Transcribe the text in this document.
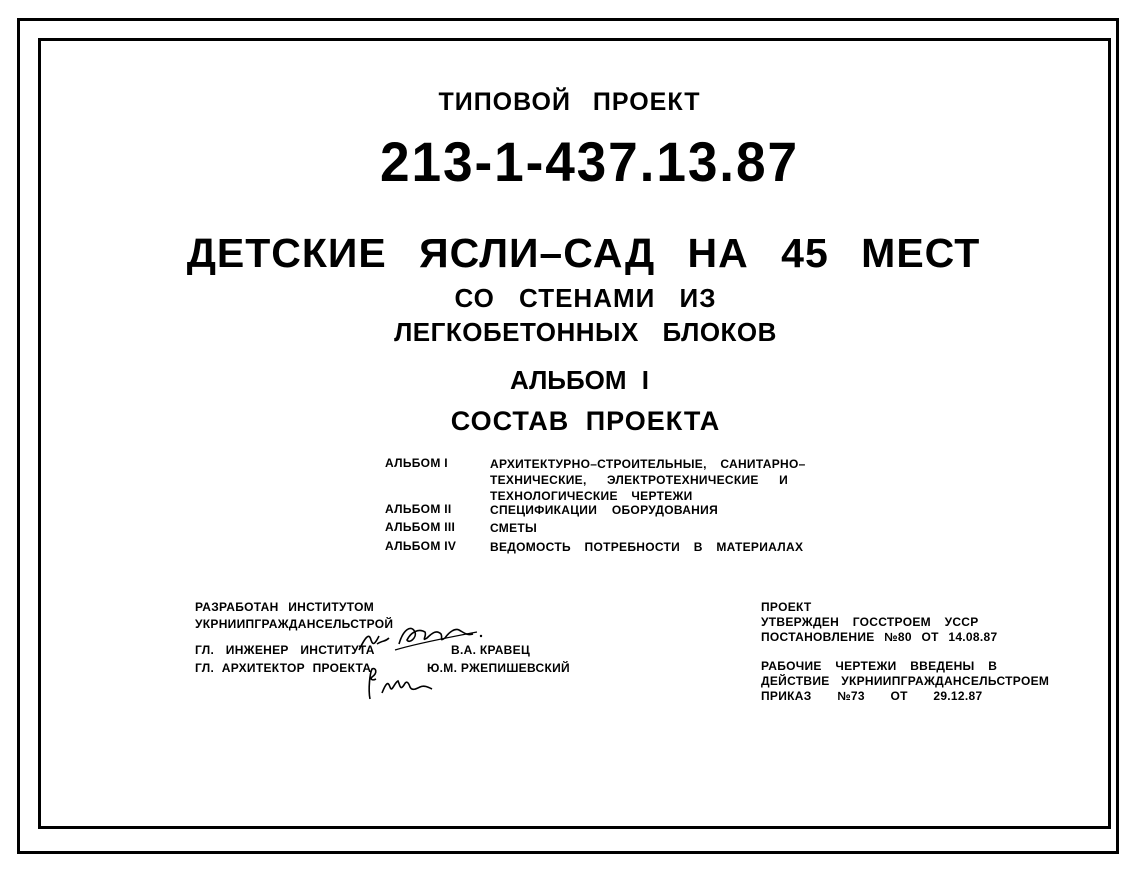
ТИПОВОЙ ПРОЕКТ
213-1-437.13.87
ДЕТСКИЕ ЯСЛИ–САД НА 45 МЕСТ
СО СТЕНАМИ ИЗ
ЛЕГКОБЕТОННЫХ БЛОКОВ
АЛЬБОМ I
СОСТАВ ПРОЕКТА
АЛЬБОМ I	АРХИТЕКТУРНО–СТРОИТЕЛЬНЫЕ, САНИТАРНО–
ТЕХНИЧЕСКИЕ, ЭЛЕКТРОТЕХНИЧЕСКИЕ И
ТЕХНОЛОГИЧЕСКИЕ ЧЕРТЕЖИ
АЛЬБОМ II	СПЕЦИФИКАЦИИ ОБОРУДОВАНИЯ
АЛЬБОМ III	СМЕТЫ
АЛЬБОМ IV	ВЕДОМОСТЬ ПОТРЕБНОСТИ В МАТЕРИАЛАХ
РАЗРАБОТАН ИНСТИТУТОМ
УКРНИИПГРАЖДАНСЕЛЬСТРОЙ
ГЛ. ИНЖЕНЕР ИНСТИТУТА	В.А. КРАВЕЦ
ГЛ. АРХИТЕКТОР ПРОЕКТА	Ю.М. РЖЕПИШЕВСКИЙ
ПРОЕКТ
УТВЕРЖДЕН ГОССТРОЕМ УССР
ПОСТАНОВЛЕНИЕ №80 ОТ 14.08.87
РАБОЧИЕ ЧЕРТЕЖИ ВВЕДЕНЫ В
ДЕЙСТВИЕ УКРНИИПГРАЖДАНСЕЛЬСТРОЕМ
ПРИКАЗ №73 ОТ 29.12.87
